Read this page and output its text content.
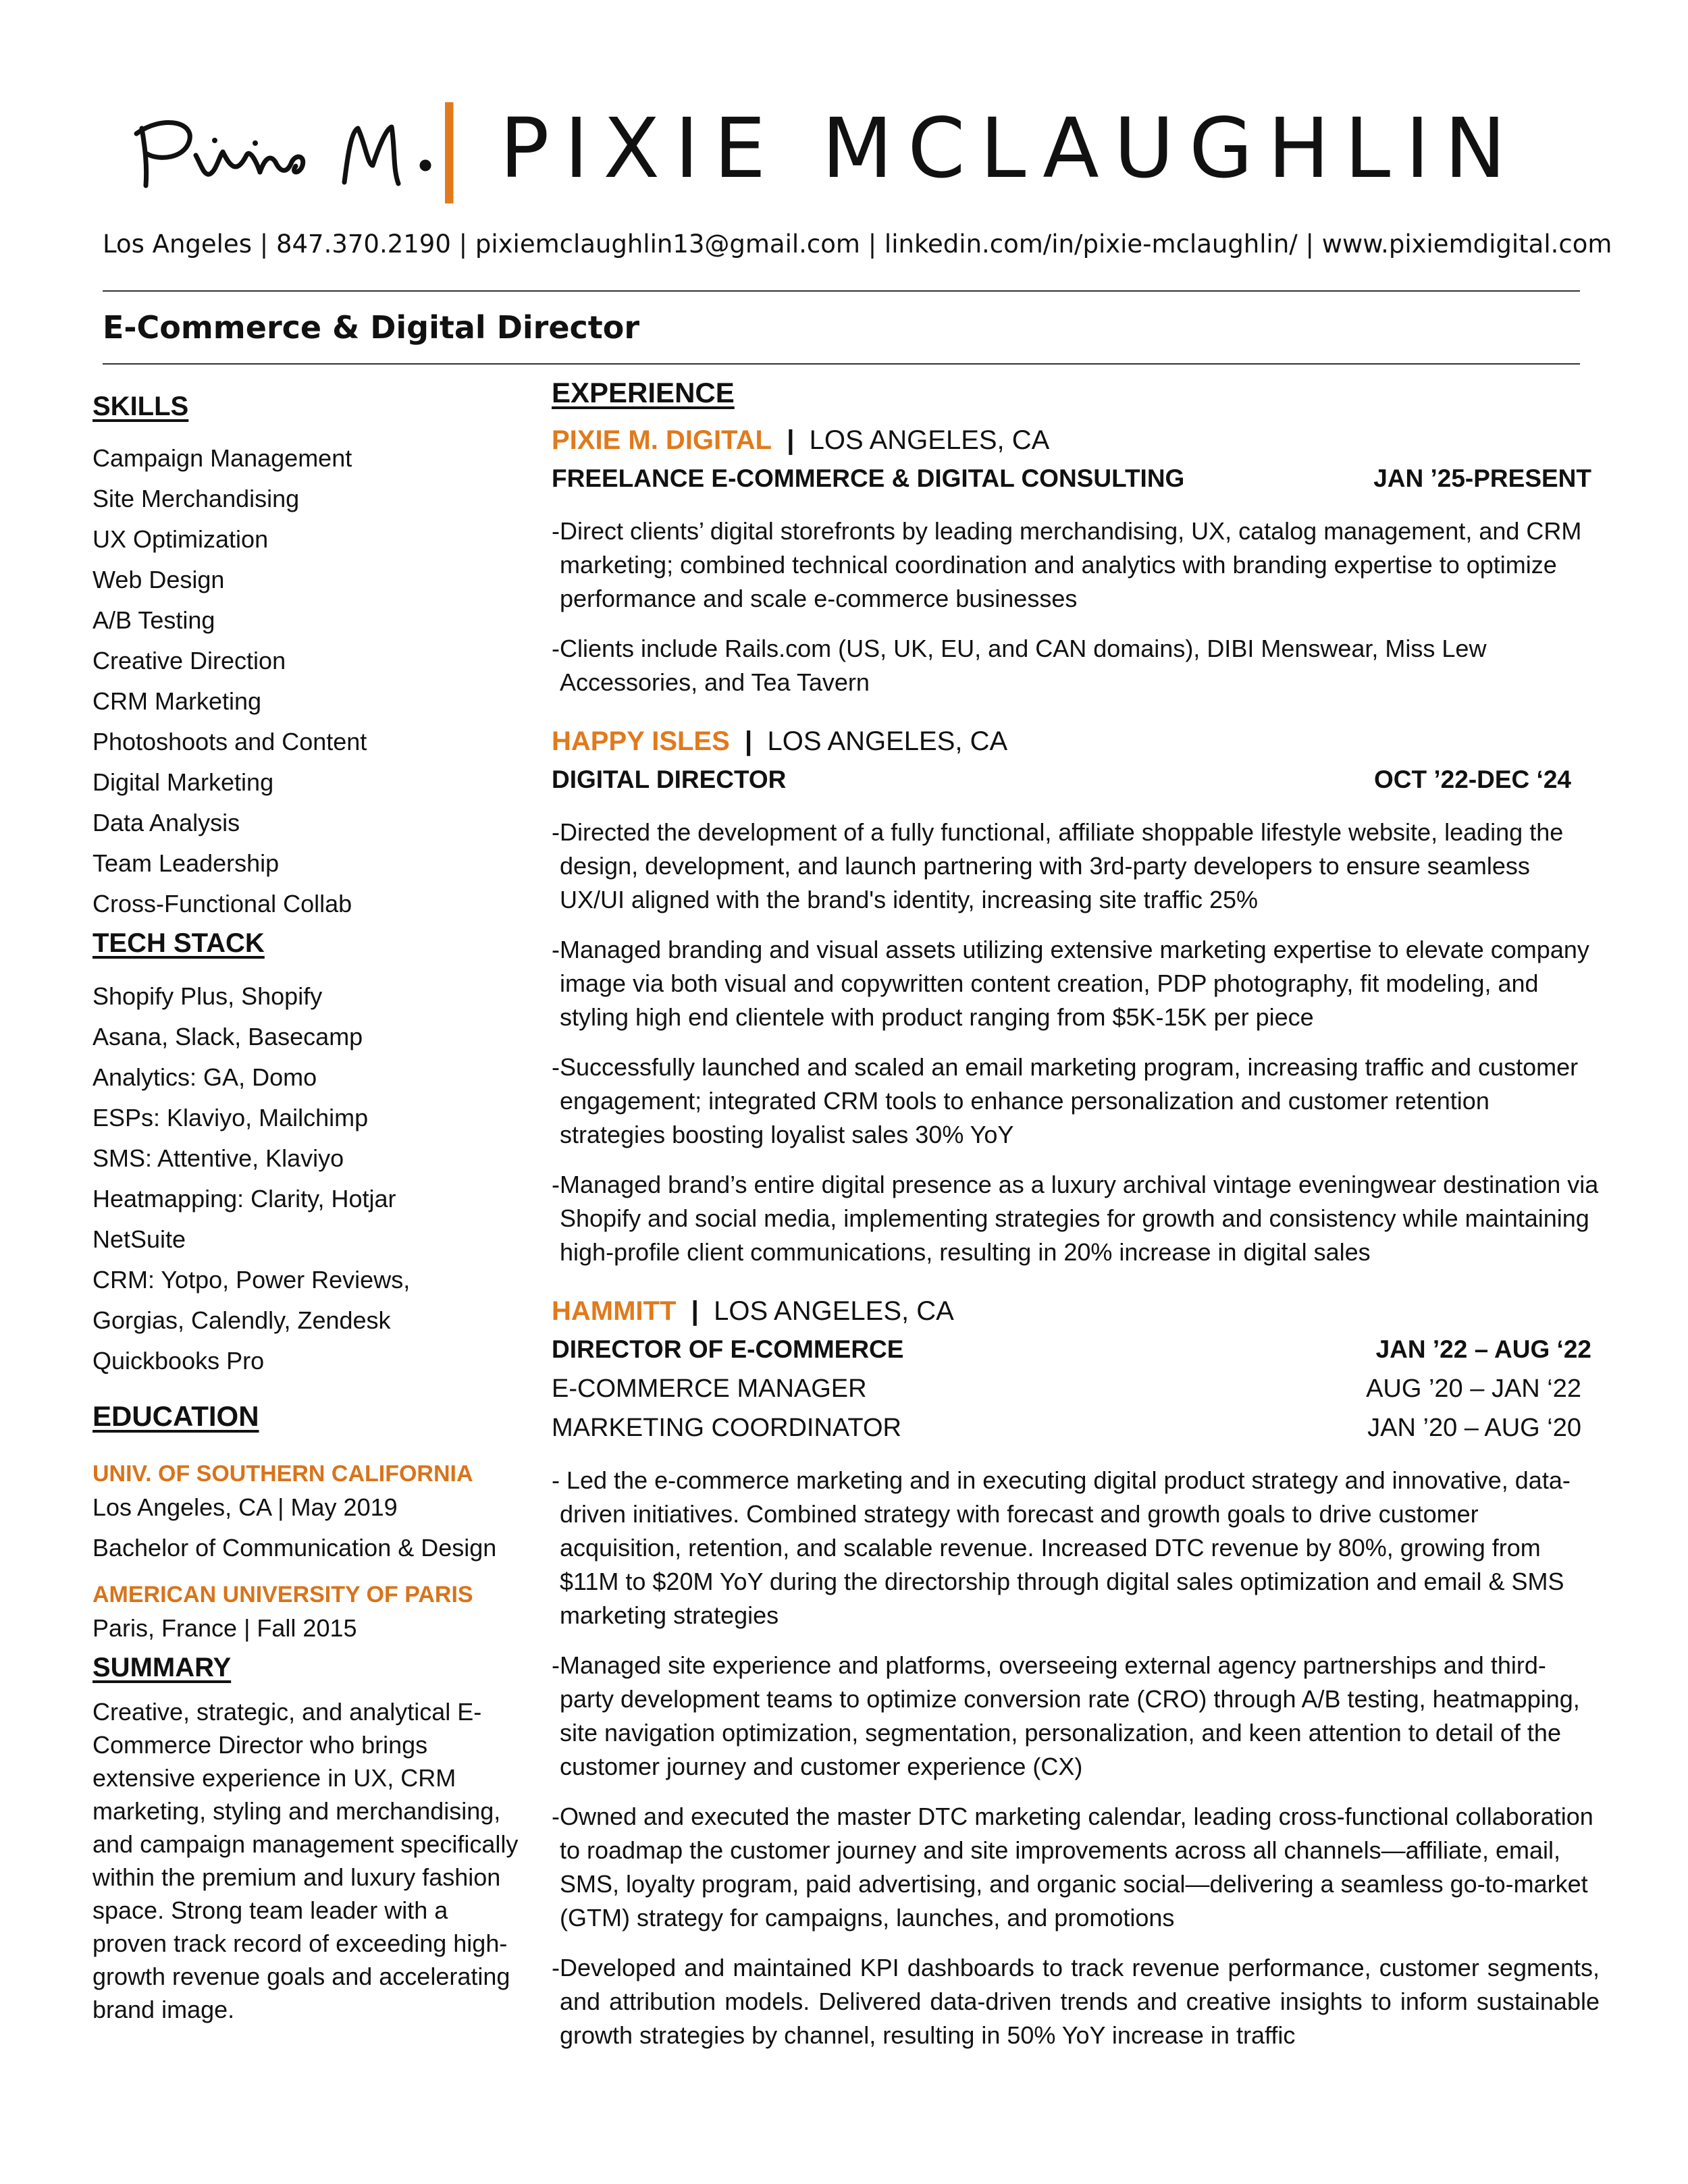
| PIXIE MCLAUGHLIN
Los Angeles | 847.370.2190 | pixiemclaughlin13@gmail.com | linkedin.com/in/pixie-mclaughlin/ | www.pixiemdigital.com
E-Commerce & Digital Director
SKILLS
Campaign Management
Site Merchandising
UX Optimization
Web Design
A/B Testing
Creative Direction
CRM Marketing
Photoshoots and Content
Digital Marketing
Data Analysis
Team Leadership
Cross-Functional Collab
TECH STACK
Shopify Plus, Shopify
Asana, Slack, Basecamp
Analytics: GA, Domo
ESPs: Klaviyo, Mailchimp
SMS: Attentive, Klaviyo
Heatmapping: Clarity, Hotjar
NetSuite
CRM: Yotpo, Power Reviews,
Gorgias, Calendly, Zendesk
Quickbooks Pro
EDUCATION
UNIV. OF SOUTHERN CALIFORNIA
Los Angeles, CA | May 2019
Bachelor of Communication & Design
AMERICAN UNIVERSITY OF PARIS
Paris, France | Fall 2015
SUMMARY
Creative, strategic, and analytical E-Commerce Director who brings extensive experience in UX, CRM marketing, styling and merchandising, and campaign management specifically within the premium and luxury fashion space. Strong team leader with a proven track record of exceeding high-growth revenue goals and accelerating brand image.
EXPERIENCE
PIXIE M. DIGITAL | LOS ANGELES, CA
FREELANCE E-COMMERCE & DIGITAL CONSULTING	JAN ’25-PRESENT
-Direct clients’ digital storefronts by leading merchandising, UX, catalog management, and CRM marketing; combined technical coordination and analytics with branding expertise to optimize performance and scale e-commerce businesses
-Clients include Rails.com (US, UK, EU, and CAN domains), DIBI Menswear, Miss Lew Accessories, and Tea Tavern
HAPPY ISLES | LOS ANGELES, CA
DIGITAL DIRECTOR	OCT ’22-DEC ‘24
-Directed the development of a fully functional, affiliate shoppable lifestyle website, leading the design, development, and launch partnering with 3rd-party developers to ensure seamless UX/UI aligned with the brand's identity, increasing site traffic 25%
-Managed branding and visual assets utilizing extensive marketing expertise to elevate company image via both visual and copywritten content creation, PDP photography, fit modeling, and styling high end clientele with product ranging from $5K-15K per piece
-Successfully launched and scaled an email marketing program, increasing traffic and customer engagement; integrated CRM tools to enhance personalization and customer retention strategies boosting loyalist sales 30% YoY
-Managed brand’s entire digital presence as a luxury archival vintage eveningwear destination via Shopify and social media, implementing strategies for growth and consistency while maintaining high-profile client communications, resulting in 20% increase in digital sales
HAMMITT | LOS ANGELES, CA
DIRECTOR OF E-COMMERCE	JAN ’22 – AUG ‘22
E-COMMERCE MANAGER	AUG ’20 – JAN ‘22
MARKETING COORDINATOR	JAN ’20 – AUG ‘20
- Led the e-commerce marketing and in executing digital product strategy and innovative, data-driven initiatives. Combined strategy with forecast and growth goals to drive customer acquisition, retention, and scalable revenue. Increased DTC revenue by 80%, growing from $11M to $20M YoY during the directorship through digital sales optimization and email & SMS marketing strategies
-Managed site experience and platforms, overseeing external agency partnerships and third-party development teams to optimize conversion rate (CRO) through A/B testing, heatmapping, site navigation optimization, segmentation, personalization, and keen attention to detail of the customer journey and customer experience (CX)
-Owned and executed the master DTC marketing calendar, leading cross-functional collaboration to roadmap the customer journey and site improvements across all channels—affiliate, email, SMS, loyalty program, paid advertising, and organic social—delivering a seamless go-to-market (GTM) strategy for campaigns, launches, and promotions
-Developed and maintained KPI dashboards to track revenue performance, customer segments, and attribution models. Delivered data-driven trends and creative insights to inform sustainable growth strategies by channel, resulting in 50% YoY increase in traffic
